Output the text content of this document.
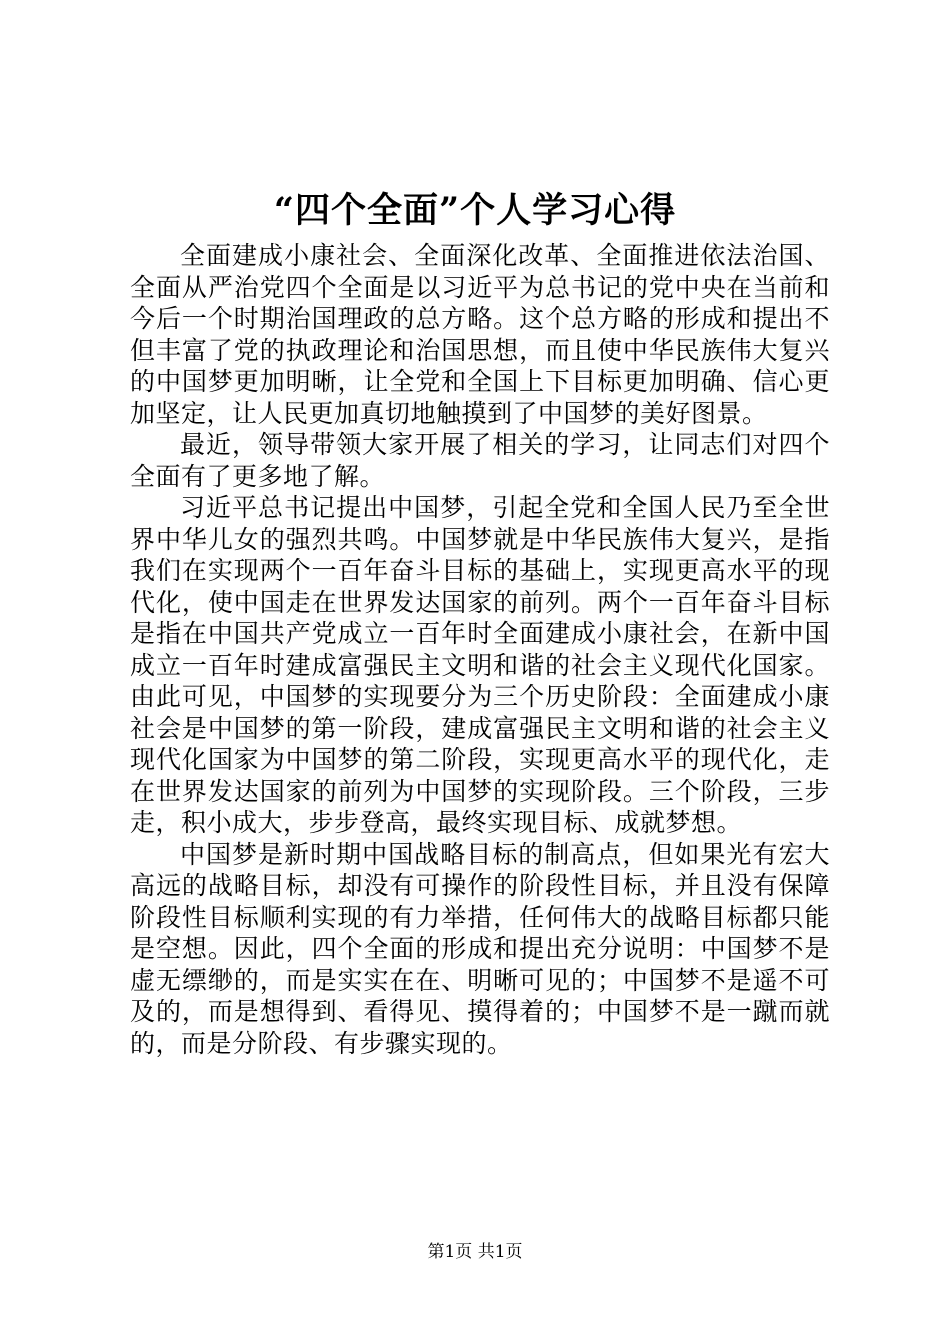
“四个全面”个人学习心得

全面建成小康社会、全面深化改革、全面推进依法治国、全面从严治党四个全面是以习近平为总书记的党中央在当前和今后一个时期治国理政的总方略。这个总方略的形成和提出不但丰富了党的执政理论和治国思想，而且使中华民族伟大复兴的中国梦更加明晰，让全党和全国上下目标更加明确、信心更加坚定，让人民更加真切地触摸到了中国梦的美好图景。

最近，领导带领大家开展了相关的学习，让同志们对四个全面有了更多地了解。

习近平总书记提出中国梦，引起全党和全国人民乃至全世界中华儿女的强烈共鸣。中国梦就是中华民族伟大复兴，是指我们在实现两个一百年奋斗目标的基础上，实现更高水平的现代化，使中国走在世界发达国家的前列。两个一百年奋斗目标是指在中国共产党成立一百年时全面建成小康社会，在新中国成立一百年时建成富强民主文明和谐的社会主义现代化国家。由此可见，中国梦的实现要分为三个历史阶段：全面建成小康社会是中国梦的第一阶段，建成富强民主文明和谐的社会主义现代化国家为中国梦的第二阶段，实现更高水平的现代化，走在世界发达国家的前列为中国梦的实现阶段。三个阶段，三步走，积小成大，步步登高，最终实现目标、成就梦想。

中国梦是新时期中国战略目标的制高点，但如果光有宏大高远的战略目标，却没有可操作的阶段性目标，并且没有保障阶段性目标顺利实现的有力举措，任何伟大的战略目标都只能是空想。因此，四个全面的形成和提出充分说明：中国梦不是虚无缥缈的，而是实实在在、明晰可见的；中国梦不是遥不可及的，而是想得到、看得见、摸得着的；中国梦不是一蹴而就的，而是分阶段、有步骤实现的。

第1页 共1页
